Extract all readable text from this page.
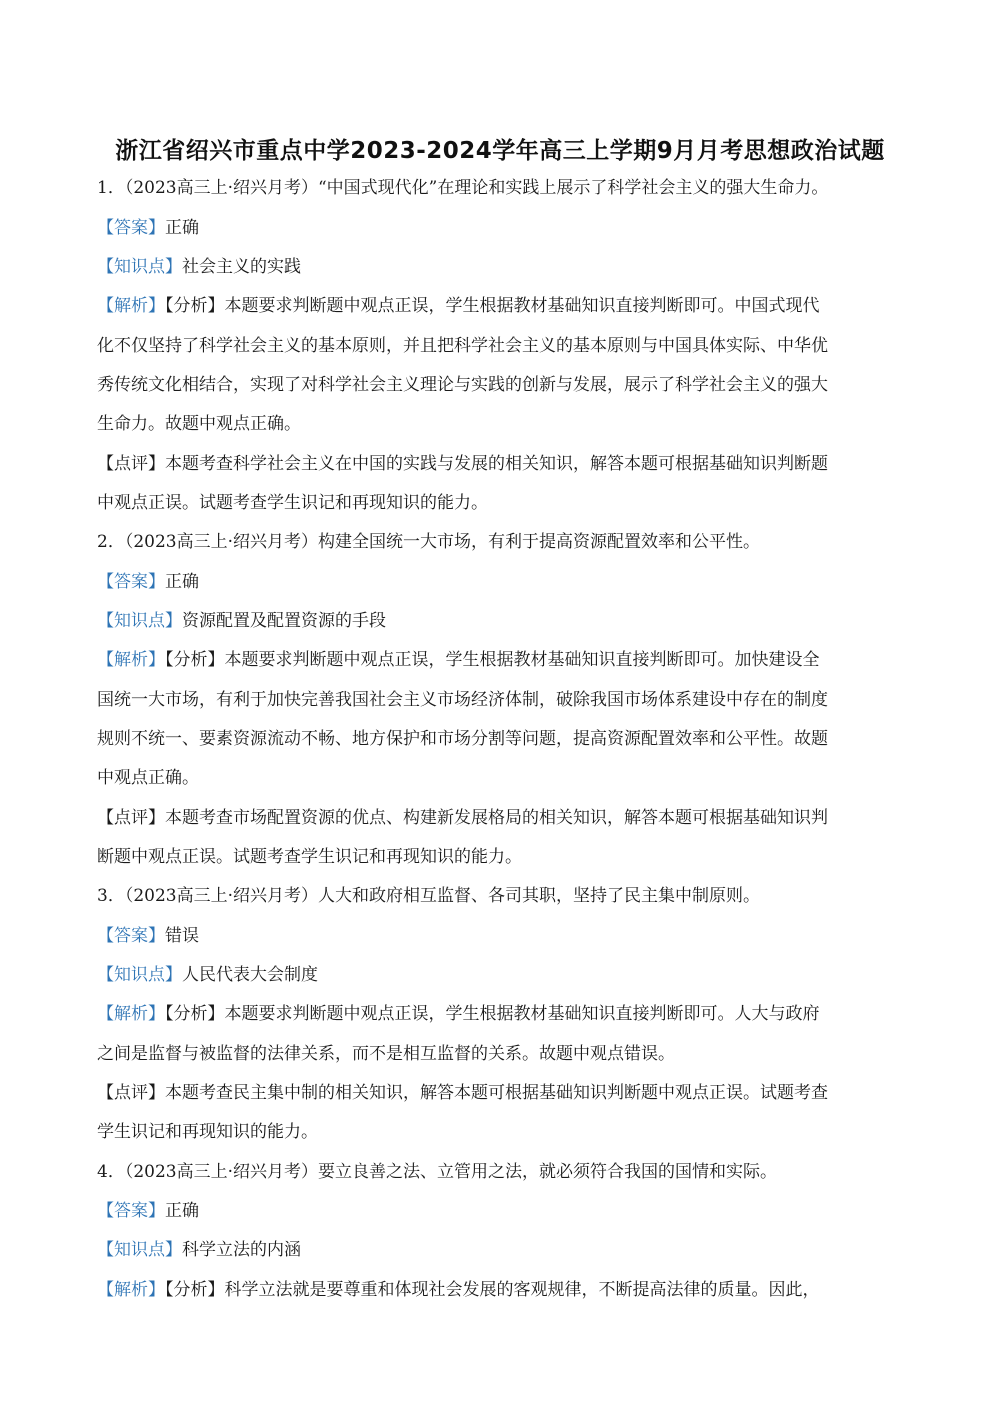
浙江省绍兴市重点中学2023-2024学年高三上学期9月月考思想政治试题
1．（2023高三上·绍兴月考）“中国式现代化”在理论和实践上展示了科学社会主义的强大生命力。
【答案】正确
【知识点】社会主义的实践
【解析】【分析】本题要求判断题中观点正误，学生根据教材基础知识直接判断即可。中国式现代
化不仅坚持了科学社会主义的基本原则，并且把科学社会主义的基本原则与中国具体实际、中华优
秀传统文化相结合，实现了对科学社会主义理论与实践的创新与发展，展示了科学社会主义的强大
生命力。故题中观点正确。
【点评】本题考查科学社会主义在中国的实践与发展的相关知识，解答本题可根据基础知识判断题
中观点正误。试题考查学生识记和再现知识的能力。
2．（2023高三上·绍兴月考）构建全国统一大市场，有利于提高资源配置效率和公平性。
【答案】正确
【知识点】资源配置及配置资源的手段
【解析】【分析】本题要求判断题中观点正误，学生根据教材基础知识直接判断即可。加快建设全
国统一大市场，有利于加快完善我国社会主义市场经济体制，破除我国市场体系建设中存在的制度
规则不统一、要素资源流动不畅、地方保护和市场分割等问题，提高资源配置效率和公平性。故题
中观点正确。
【点评】本题考查市场配置资源的优点、构建新发展格局的相关知识，解答本题可根据基础知识判
断题中观点正误。试题考查学生识记和再现知识的能力。
3．（2023高三上·绍兴月考）人大和政府相互监督、各司其职，坚持了民主集中制原则。
【答案】错误
【知识点】人民代表大会制度
【解析】【分析】本题要求判断题中观点正误，学生根据教材基础知识直接判断即可。人大与政府
之间是监督与被监督的法律关系，而不是相互监督的关系。故题中观点错误。
【点评】本题考查民主集中制的相关知识，解答本题可根据基础知识判断题中观点正误。试题考查
学生识记和再现知识的能力。
4．（2023高三上·绍兴月考）要立良善之法、立管用之法，就必须符合我国的国情和实际。
【答案】正确
【知识点】科学立法的内涵
【解析】【分析】科学立法就是要尊重和体现社会发展的客观规律，不断提高法律的质量。因此，
